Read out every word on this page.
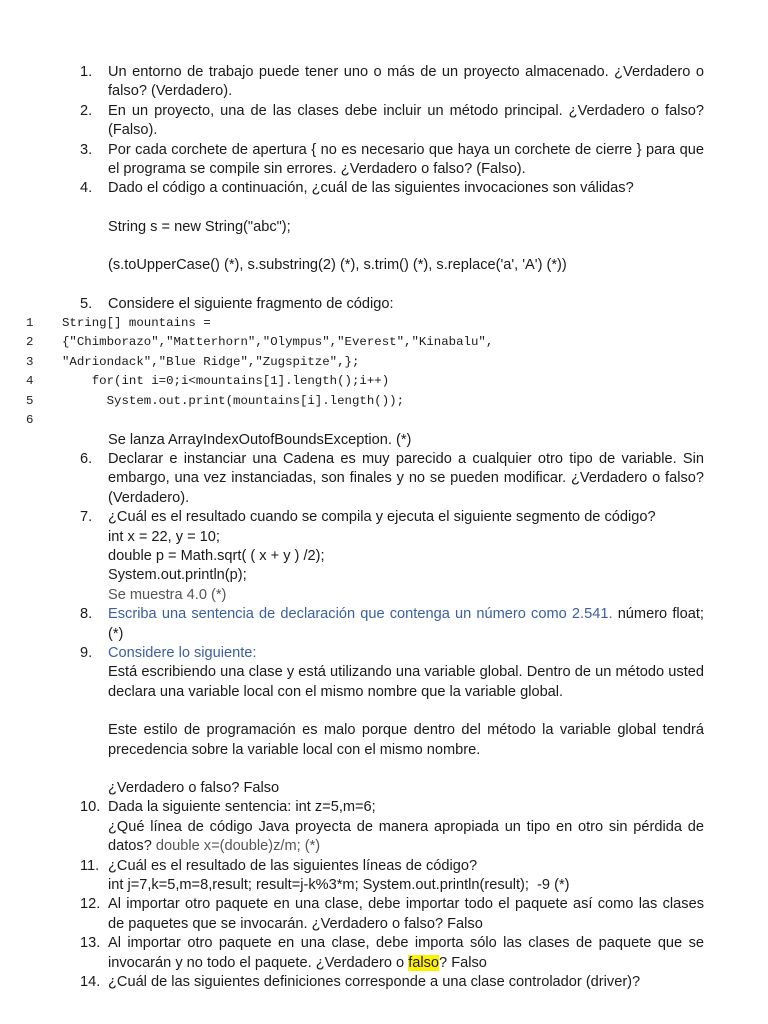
1.	Un entorno de trabajo puede tener uno o más de un proyecto almacenado. ¿Verdadero o falso? (Verdadero).
2.	En un proyecto, una de las clases debe incluir un método principal. ¿Verdadero o falso? (Falso).
3.	Por cada corchete de apertura { no es necesario que haya un corchete de cierre } para que el programa se compile sin errores. ¿Verdadero o falso? (Falso).
4.	Dado el código a continuación, ¿cuál de las siguientes invocaciones son válidas?
String s = new String("abc");
(s.toUpperCase() (*), s.substring(2) (*), s.trim() (*), s.replace('a', 'A') (*))
5.	Considere el siguiente fragmento de código:
1 String[] mountains =
2 {"Chimborazo","Matterhorn","Olympus","Everest","Kinabalu",
3 "Adriondack","Blue Ridge","Zugspitze",};
4    for(int i=0;i<mountains[1].length();i++)
5      System.out.print(mountains[i].length());
6
Se lanza ArrayIndexOutofBoundsException. (*)
6.	Declarar e instanciar una Cadena es muy parecido a cualquier otro tipo de variable. Sin embargo, una vez instanciadas, son finales y no se pueden modificar. ¿Verdadero o falso? (Verdadero).
7.	¿Cuál es el resultado cuando se compila y ejecuta el siguiente segmento de código?
int x = 22, y = 10;
double p = Math.sqrt( ( x + y ) /2);
System.out.println(p);
Se muestra 4.0 (*)
8.	Escriba una sentencia de declaración que contenga un número como 2.541. número float; (*)
9.	Considere lo siguiente:
Está escribiendo una clase y está utilizando una variable global. Dentro de un método usted declara una variable local con el mismo nombre que la variable global.
Este estilo de programación es malo porque dentro del método la variable global tendrá precedencia sobre la variable local con el mismo nombre.
¿Verdadero o falso? Falso
10. Dada la siguiente sentencia: int z=5,m=6;
¿Qué línea de código Java proyecta de manera apropiada un tipo en otro sin pérdida de datos? double x=(double)z/m; (*)
11. ¿Cuál es el resultado de las siguientes líneas de código?
int j=7,k=5,m=8,result; result=j-k%3*m; System.out.println(result); -9 (*)
12. Al importar otro paquete en una clase, debe importar todo el paquete así como las clases de paquetes que se invocarán. ¿Verdadero o falso? Falso
13. Al importar otro paquete en una clase, debe importa sólo las clases de paquete que se invocarán y no todo el paquete. ¿Verdadero o falso? Falso
14. ¿Cuál de las siguientes definiciones corresponde a una clase controlador (driver)?
